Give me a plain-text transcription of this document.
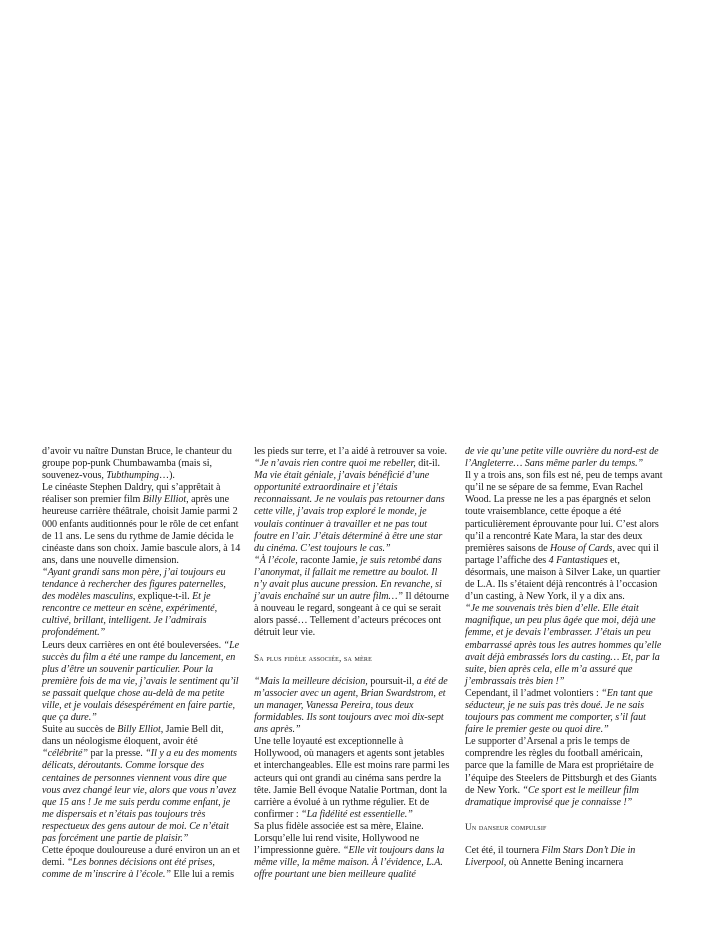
d’avoir vu naître Dunstan Bruce, le chanteur du groupe pop-punk Chumbawamba (mais si, souvenez-vous, Tubthumping…).

Le cinéaste Stephen Daldry, qui s’apprêtait à réaliser son premier film Billy Elliot, après une heureuse carrière théâtrale, choisit Jamie parmi 2 000 enfants auditionnés pour le rôle de cet enfant de 11 ans. Le sens du rythme de Jamie décida le cinéaste dans son choix. Jamie bascule alors, à 14 ans, dans une nouvelle dimension.

“Ayant grandi sans mon père, j’ai toujours eu tendance à rechercher des figures paternelles, des modèles masculins, explique-t-il. Et je rencontre ce metteur en scène, expérimenté, cultivé, brillant, intelligent. Je l’admirais profondément.”

Leurs deux carrières en ont été bouleversées. “Le succès du film a été une rampe du lancement, en plus d’être un souvenir particulier. Pour la première fois de ma vie, j’avais le sentiment qu’il se passait quelque chose au-delà de ma petite ville, et je voulais désespérément en faire partie, que ça dure.”

Suite au succès de Billy Elliot, Jamie Bell dit, dans un néologisme éloquent, avoir été “célébrité” par la presse. “Il y a eu des moments délicats, déroutants. Comme lorsque des centaines de personnes viennent vous dire que vous avez changé leur vie, alors que vous n’avez que 15 ans ! Je me suis perdu comme enfant, je me dispersais et n’étais pas toujours très respectueux des gens autour de moi. Ce n’était pas forcément une partie de plaisir.”

Cette époque douloureuse a duré environ un an et demi. “Les bonnes décisions ont été prises, comme de m’inscrire à l’école.” Elle lui a remis

les pieds sur terre, et l’a aidé à retrouver sa voie. “Je n’avais rien contre quoi me rebeller, dit-il. Ma vie était géniale, j’avais bénéficié d’une opportunité extraordinaire et j’étais reconnaissant. Je ne voulais pas retourner dans cette ville, j’avais trop exploré le monde, je voulais continuer à travailler et ne pas tout foutre en l’air. J’étais déterminé à être une star du cinéma. C’est toujours le cas.”

“À l’école, raconte Jamie, je suis retombé dans l’anonymat, il fallait me remettre au boulot. Il n’y avait plus aucune pression. En revanche, si j’avais enchaîné sur un autre film…” Il détourne à nouveau le regard, songeant à ce qui se serait alors passé… Tellement d’acteurs précoces ont détruit leur vie.

Sa plus fidèle associée, sa mère

“Mais la meilleure décision, poursuit-il, a été de m’associer avec un agent, Brian Swardstrom, et un manager, Vanessa Pereira, tous deux formidables. Ils sont toujours avec moi dix-sept ans après.”

Une telle loyauté est exceptionnelle à Hollywood, où managers et agents sont jetables et interchangeables. Elle est moins rare parmi les acteurs qui ont grandi au cinéma sans perdre la tête. Jamie Bell évoque Natalie Portman, dont la carrière a évolué à un rythme régulier. Et de confirmer : “La fidélité est essentielle.”

Sa plus fidèle associée est sa mère, Elaine. Lorsqu’elle lui rend visite, Hollywood ne l’impressionne guère. “Elle vit toujours dans la même ville, la même maison. À l’évidence, L.A. offre pourtant une bien meilleure qualité

de vie qu’une petite ville ouvrière du nord-est de l’Angleterre… Sans même parler du temps.”

Il y a trois ans, son fils est né, peu de temps avant qu’il ne se sépare de sa femme, Evan Rachel Wood. La presse ne les a pas épargnés et selon toute vraisemblance, cette époque a été particulièrement éprouvante pour lui. C’est alors qu’il a rencontré Kate Mara, la star des deux premières saisons de House of Cards, avec qui il partage l’affiche des 4 Fantastiques et, désormais, une maison à Silver Lake, un quartier de L.A. Ils s’étaient déjà rencontrés à l’occasion d’un casting, à New York, il y a dix ans.

“Je me souvenais très bien d’elle. Elle était magnifique, un peu plus âgée que moi, déjà une femme, et je devais l’embrasser. J’étais un peu embarrassé après tous les autres hommes qu’elle avait déjà embrassés lors du casting… Et, par la suite, bien après cela, elle m’a assuré que j’embrassais très bien !”

Cependant, il l’admet volontiers : “En tant que séducteur, je ne suis pas très doué. Je ne sais toujours pas comment me comporter, s’il faut faire le premier geste ou quoi dire.”

Le supporter d’Arsenal a pris le temps de comprendre les règles du football américain, parce que la famille de Mara est propriétaire de l’équipe des Steelers de Pittsburgh et des Giants de New York. “Ce sport est le meilleur film dramatique improvisé que je connaisse !”

Un danseur compulsif

Cet été, il tournera Film Stars Don’t Die in Liverpool, où Annette Bening incarnera
